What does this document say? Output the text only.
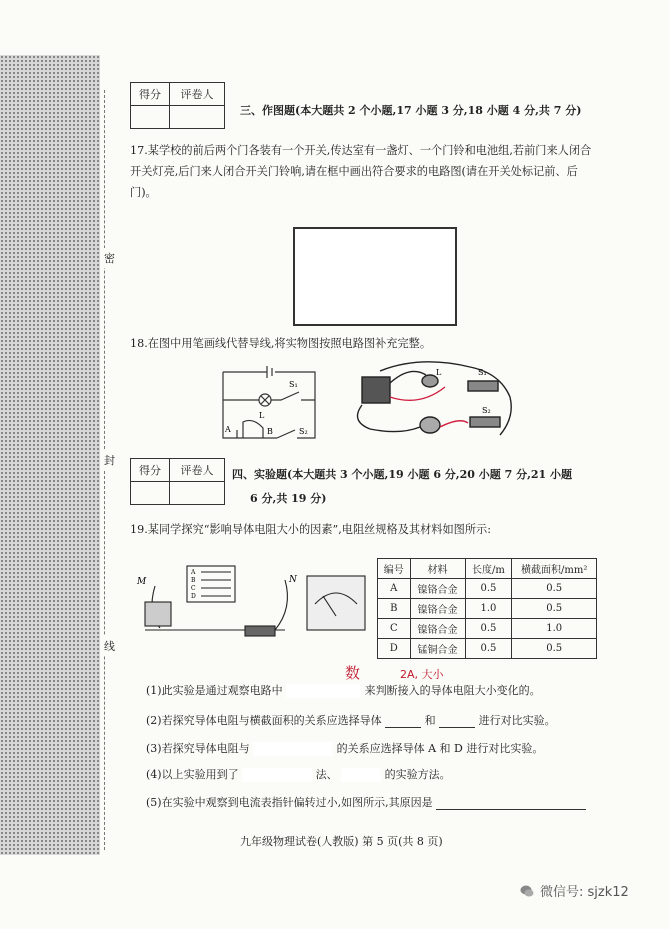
密
封
线
得分	评卷人

三、作图题(本大题共 2 个小题,17 小题 3 分,18 小题 4 分,共 7 分)
17.某学校的前后两个门各装有一个开关,传达室有一盏灯、一个门铃和电池组,若前门来人闭合开关灯亮,后门来人闭合开关门铃响,请在框中画出符合要求的电路图(请在开关处标记前、后门)。
18.在图中用笔画线代替导线,将实物图按照电路图补充完整。
S₁
L
A	B	S₂
L	S₁
S₂
得分	评卷人
	四、实验题(本大题共 3 个小题,19 小题 6 分,20 小题 7 分,21 小题
6 分,共 19 分)
19.某同学探究“影响导体电阻大小的因素”,电阻丝规格及其材料如图所示:
M	N
A
B
C
D
编号	材料	长度/m	横截面积/mm²
A	镍铬合金	0.5	0.5
B	镍铬合金	1.0	0.5
C	镍铬合金	0.5	1.0
D	锰铜合金	0.5	0.5
(1)此实验是通过观察电路中	来判断接入的导体电阻大小变化的。
数	2A, 大小
(2)若探究导体电阻与横截面积的关系应选择导体	和	进行对比实验。
(3)若探究导体电阻与	的关系应选择导体 A 和 D 进行对比实验。
(4)以上实验用到了	法、	的实验方法。
(5)在实验中观察到电流表指针偏转过小,如图所示,其原因是
九年级物理试卷(人教版) 第 5 页(共 8 页)
微信号: sjzk12
